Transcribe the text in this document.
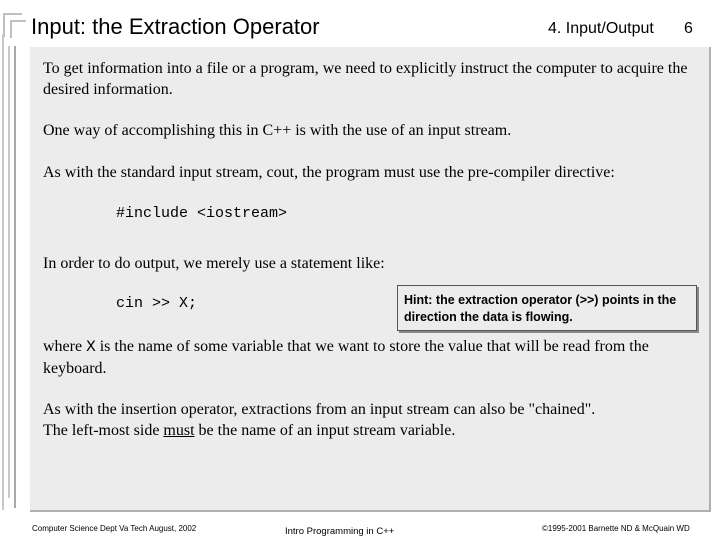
Input: the Extraction Operator	4. Input/Output 6
To get information into a file or a program, we need to explicitly instruct the computer to acquire the desired information.
One way of accomplishing this in C++ is with the use of an input stream.
As with the standard input stream, cout, the program must use the pre-compiler directive:
#include <iostream>
In order to do output, we merely use a statement like:
cin >> X;	Hint: the extraction operator (>>) points in the direction the data is flowing.
where X is the name of some variable that we want to store the value that will be read from the keyboard.
As with the insertion operator, extractions from an input stream can also be "chained".
The left-most side must be the name of an input stream variable.
Computer Science Dept Va Tech August, 2002	Intro Programming in C++	©1995-2001 Barnette ND & McQuain WD
